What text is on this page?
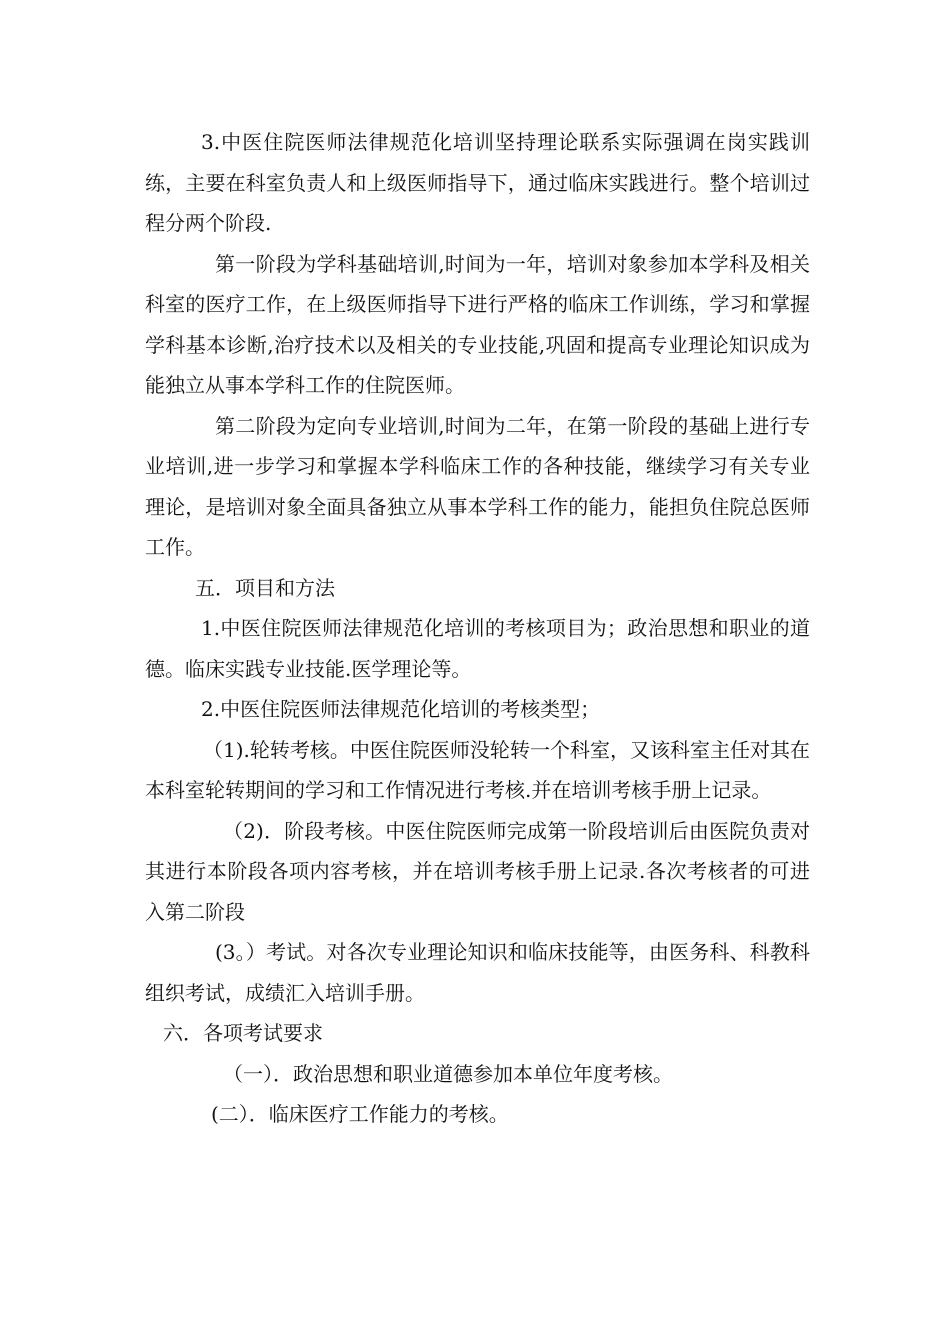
3.中医住院医师法律规范化培训坚持理论联系实际强调在岗实践训练，主要在科室负责人和上级医师指导下，通过临床实践进行。整个培训过程分两个阶段.

第一阶段为学科基础培训,时间为一年，培训对象参加本学科及相关科室的医疗工作，在上级医师指导下进行严格的临床工作训练，学习和掌握学科基本诊断,治疗技术以及相关的专业技能,巩固和提高专业理论知识成为能独立从事本学科工作的住院医师。

第二阶段为定向专业培训,时间为二年，在第一阶段的基础上进行专业培训,进一步学习和掌握本学科临床工作的各种技能，继续学习有关专业理论，是培训对象全面具备独立从事本学科工作的能力，能担负住院总医师工作。

五．项目和方法

1.中医住院医师法律规范化培训的考核项目为；政治思想和职业的道德。临床实践专业技能.医学理论等。

2.中医住院医师法律规范化培训的考核类型；

（1).轮转考核。中医住院医师没轮转一个科室，又该科室主任对其在本科室轮转期间的学习和工作情况进行考核.并在培训考核手册上记录。

（2)．阶段考核。中医住院医师完成第一阶段培训后由医院负责对其进行本阶段各项内容考核，并在培训考核手册上记录.各次考核者的可进入第二阶段

(3。）考试。对各次专业理论知识和临床技能等，由医务科、科教科组织考试，成绩汇入培训手册。

六．各项考试要求

（一）．政治思想和职业道德参加本单位年度考核。

(二）．临床医疗工作能力的考核。
